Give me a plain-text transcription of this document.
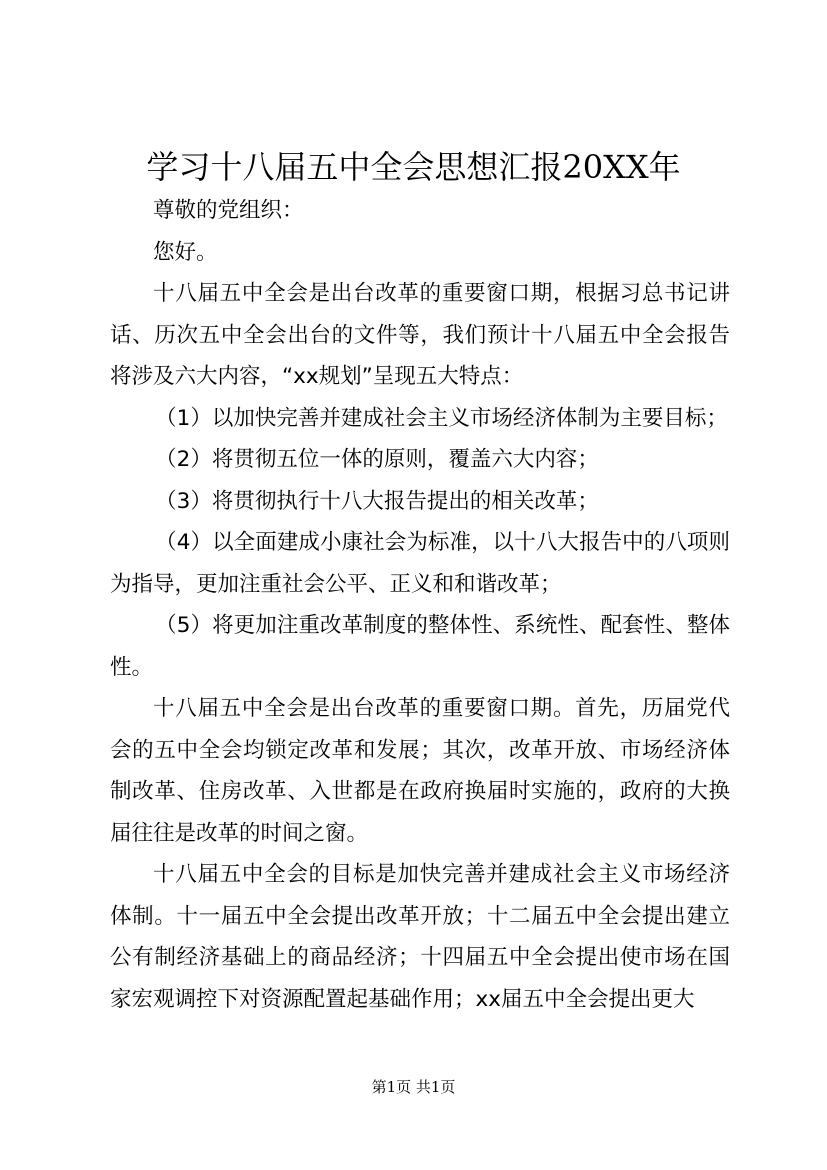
学习十八届五中全会思想汇报20XX年

尊敬的党组织：

您好。

十八届五中全会是出台改革的重要窗口期，根据习总书记讲话、历次五中全会出台的文件等，我们预计十八届五中全会报告将涉及六大内容，“xx规划”呈现五大特点：

（1）以加快完善并建成社会主义市场经济体制为主要目标；

（2）将贯彻五位一体的原则，覆盖六大内容；

（3）将贯彻执行十八大报告提出的相关改革；

（4）以全面建成小康社会为标准，以十八大报告中的八项则为指导，更加注重社会公平、正义和和谐改革；

（5）将更加注重改革制度的整体性、系统性、配套性、整体性。

十八届五中全会是出台改革的重要窗口期。首先，历届党代会的五中全会均锁定改革和发展；其次，改革开放、市场经济体制改革、住房改革、入世都是在政府换届时实施的，政府的大换届往往是改革的时间之窗。

十八届五中全会的目标是加快完善并建成社会主义市场经济体制。十一届五中全会提出改革开放；十二届五中全会提出建立公有制经济基础上的商品经济；十四届五中全会提出使市场在国家宏观调控下对资源配置起基础作用；xx届五中全会提出更大

第1页 共1页
